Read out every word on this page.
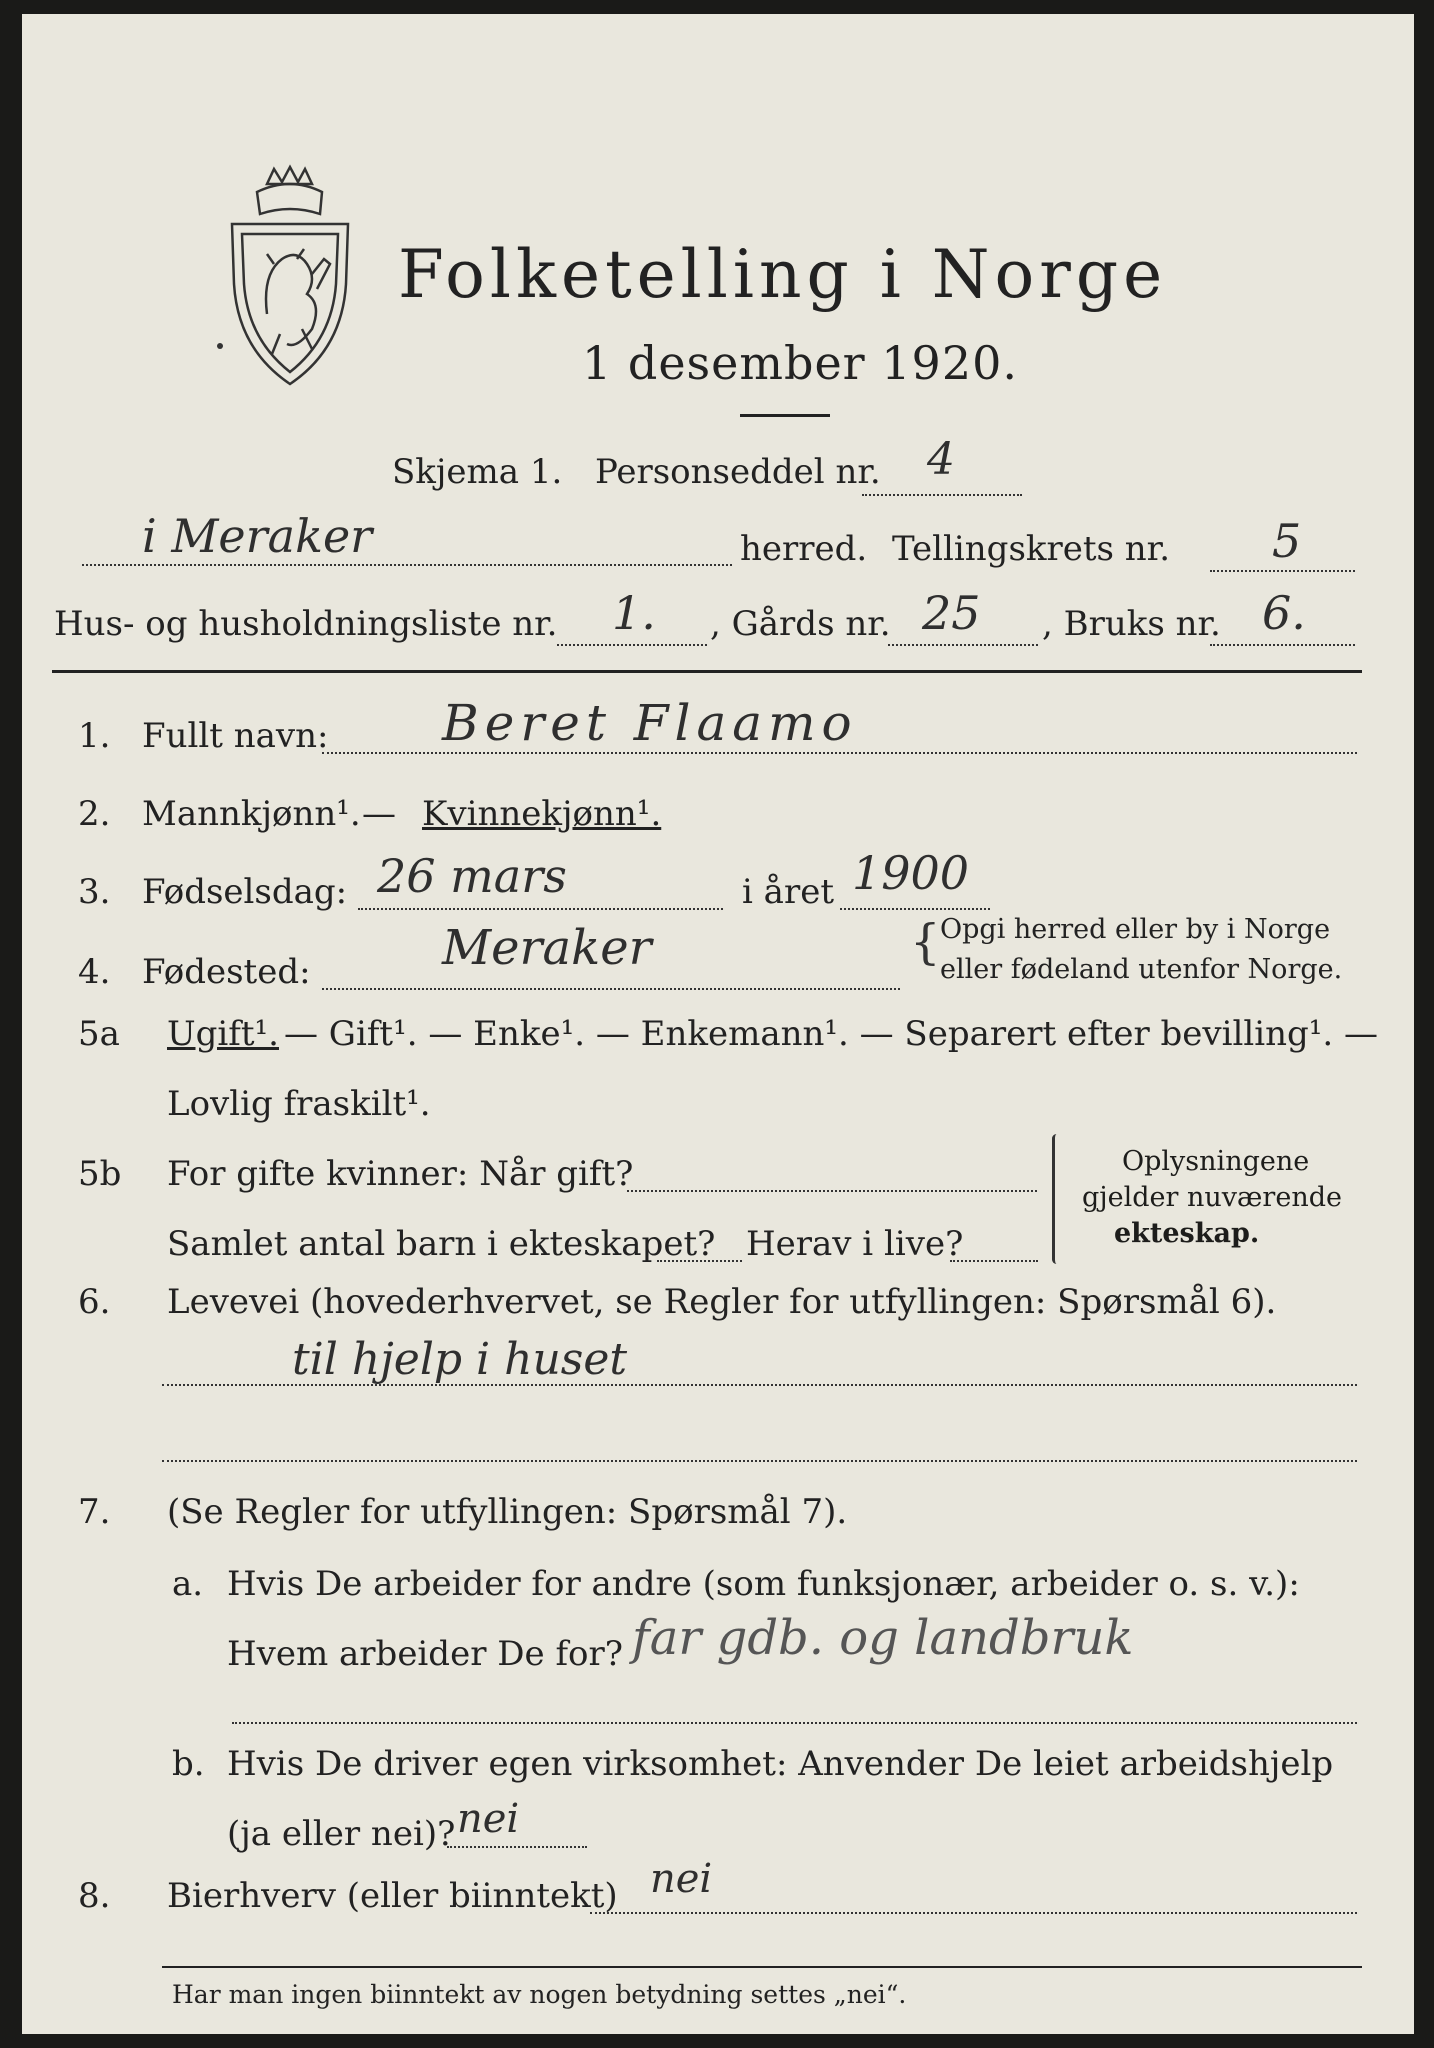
Folketelling i Norge
1 desember 1920.
Skjema 1. Personseddel nr. 4
i Meraker	herred. Tellingskrets nr. 5
Hus- og husholdningsliste nr. 1. , Gårds nr. 25 , Bruks nr. 6.
1. Fullt navn: Beret Flaamo
2. Mannkjønn¹. — Kvinnekjønn¹.
3. Fødselsdag: 26 mars	i året 1900
4. Fødested:	Meraker	{ Opgi herred eller by i Norge
eller fødeland utenfor Norge.
5a Ugift¹. — Gift¹. — Enke¹. — Enkemann¹. — Separert efter bevilling¹. —
Lovlig fraskilt¹.
5b For gifte kvinner: Når gift?
Samlet antal barn i ekteskapet? Herav i live?
Oplysningene
gjelder nuværende
ekteskap.
6. Levevei (hovederhvervet, se Regler for utfyllingen: Spørsmål 6).
til hjelp i huset
7. (Se Regler for utfyllingen: Spørsmål 7).
a. Hvis De arbeider for andre (som funksjonær, arbeider o. s. v.):
Hvem arbeider De for? far gdb. og landbruk
b. Hvis De driver egen virksomhet: Anvender De leiet arbeidshjelp
(ja eller nei)? nei
8. Bierhverv (eller biinntekt) nei
Har man ingen biinntekt av nogen betydning settes „nei“.
